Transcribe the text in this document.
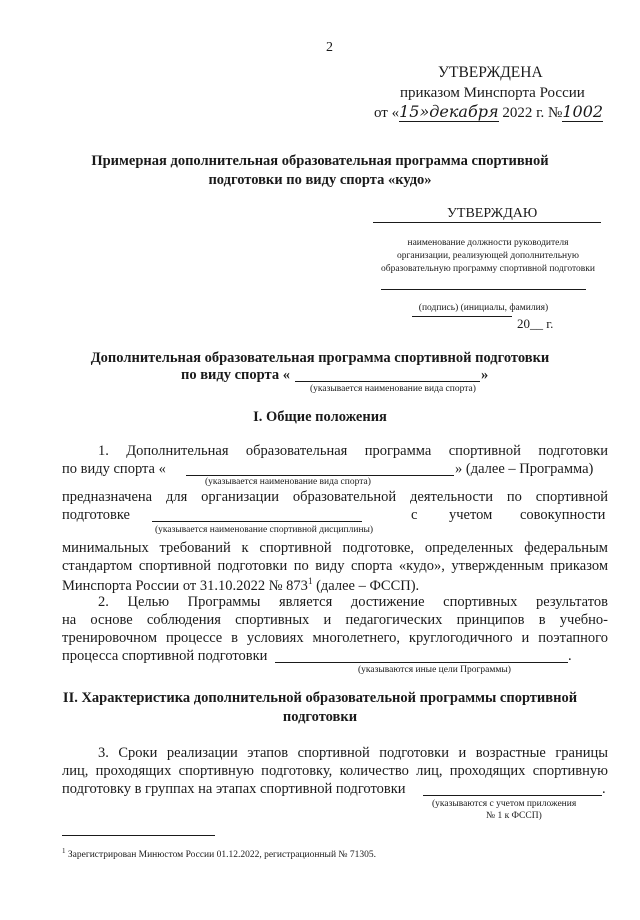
2
УТВЕРЖДЕНА
приказом Минспорта России
от «15»декабря 2022 г. №1002
Примерная дополнительная образовательная программа спортивной
подготовки по виду спорта «кудо»
УТВЕРЖДАЮ
наименование должности руководителя
организации, реализующей дополнительную
образовательную программу спортивной подготовки
(подпись) (инициалы, фамилия)
20__ г.
Дополнительная образовательная программа спортивной подготовки
по виду спорта «	»
(указывается наименование вида спорта)
I. Общие положения
1. Дополнительная образовательная программа спортивной подготовки
по виду спорта «	» (далее – Программа)
(указывается наименование вида спорта)
предназначена для организации образовательной деятельности по спортивной
подготовке	с учетом совокупности
(указывается наименование спортивной дисциплины)
минимальных требований к спортивной подготовке, определенных федеральным
стандартом спортивной подготовки по виду спорта «кудо», утвержденным приказом
Минспорта России от 31.10.2022 № $873^1$ (далее – ФССП).
2. Целью Программы является достижение спортивных результатов
на основе соблюдения спортивных и педагогических принципов в учебно-
тренировочном процессе в условиях многолетнего, круглогодичного и поэтапного
процесса спортивной подготовки	.
(указываются иные цели Программы)
II. Характеристика дополнительной образовательной программы спортивной
подготовки
3. Сроки реализации этапов спортивной подготовки и возрастные границы
лиц, проходящих спортивную подготовку, количество лиц, проходящих спортивную
подготовку в группах на этапах спортивной подготовки	.
(указываются с учетом приложения
№ 1 к ФССП)
$^1$ Зарегистрирован Минюстом России 01.12.2022, регистрационный № 71305.
